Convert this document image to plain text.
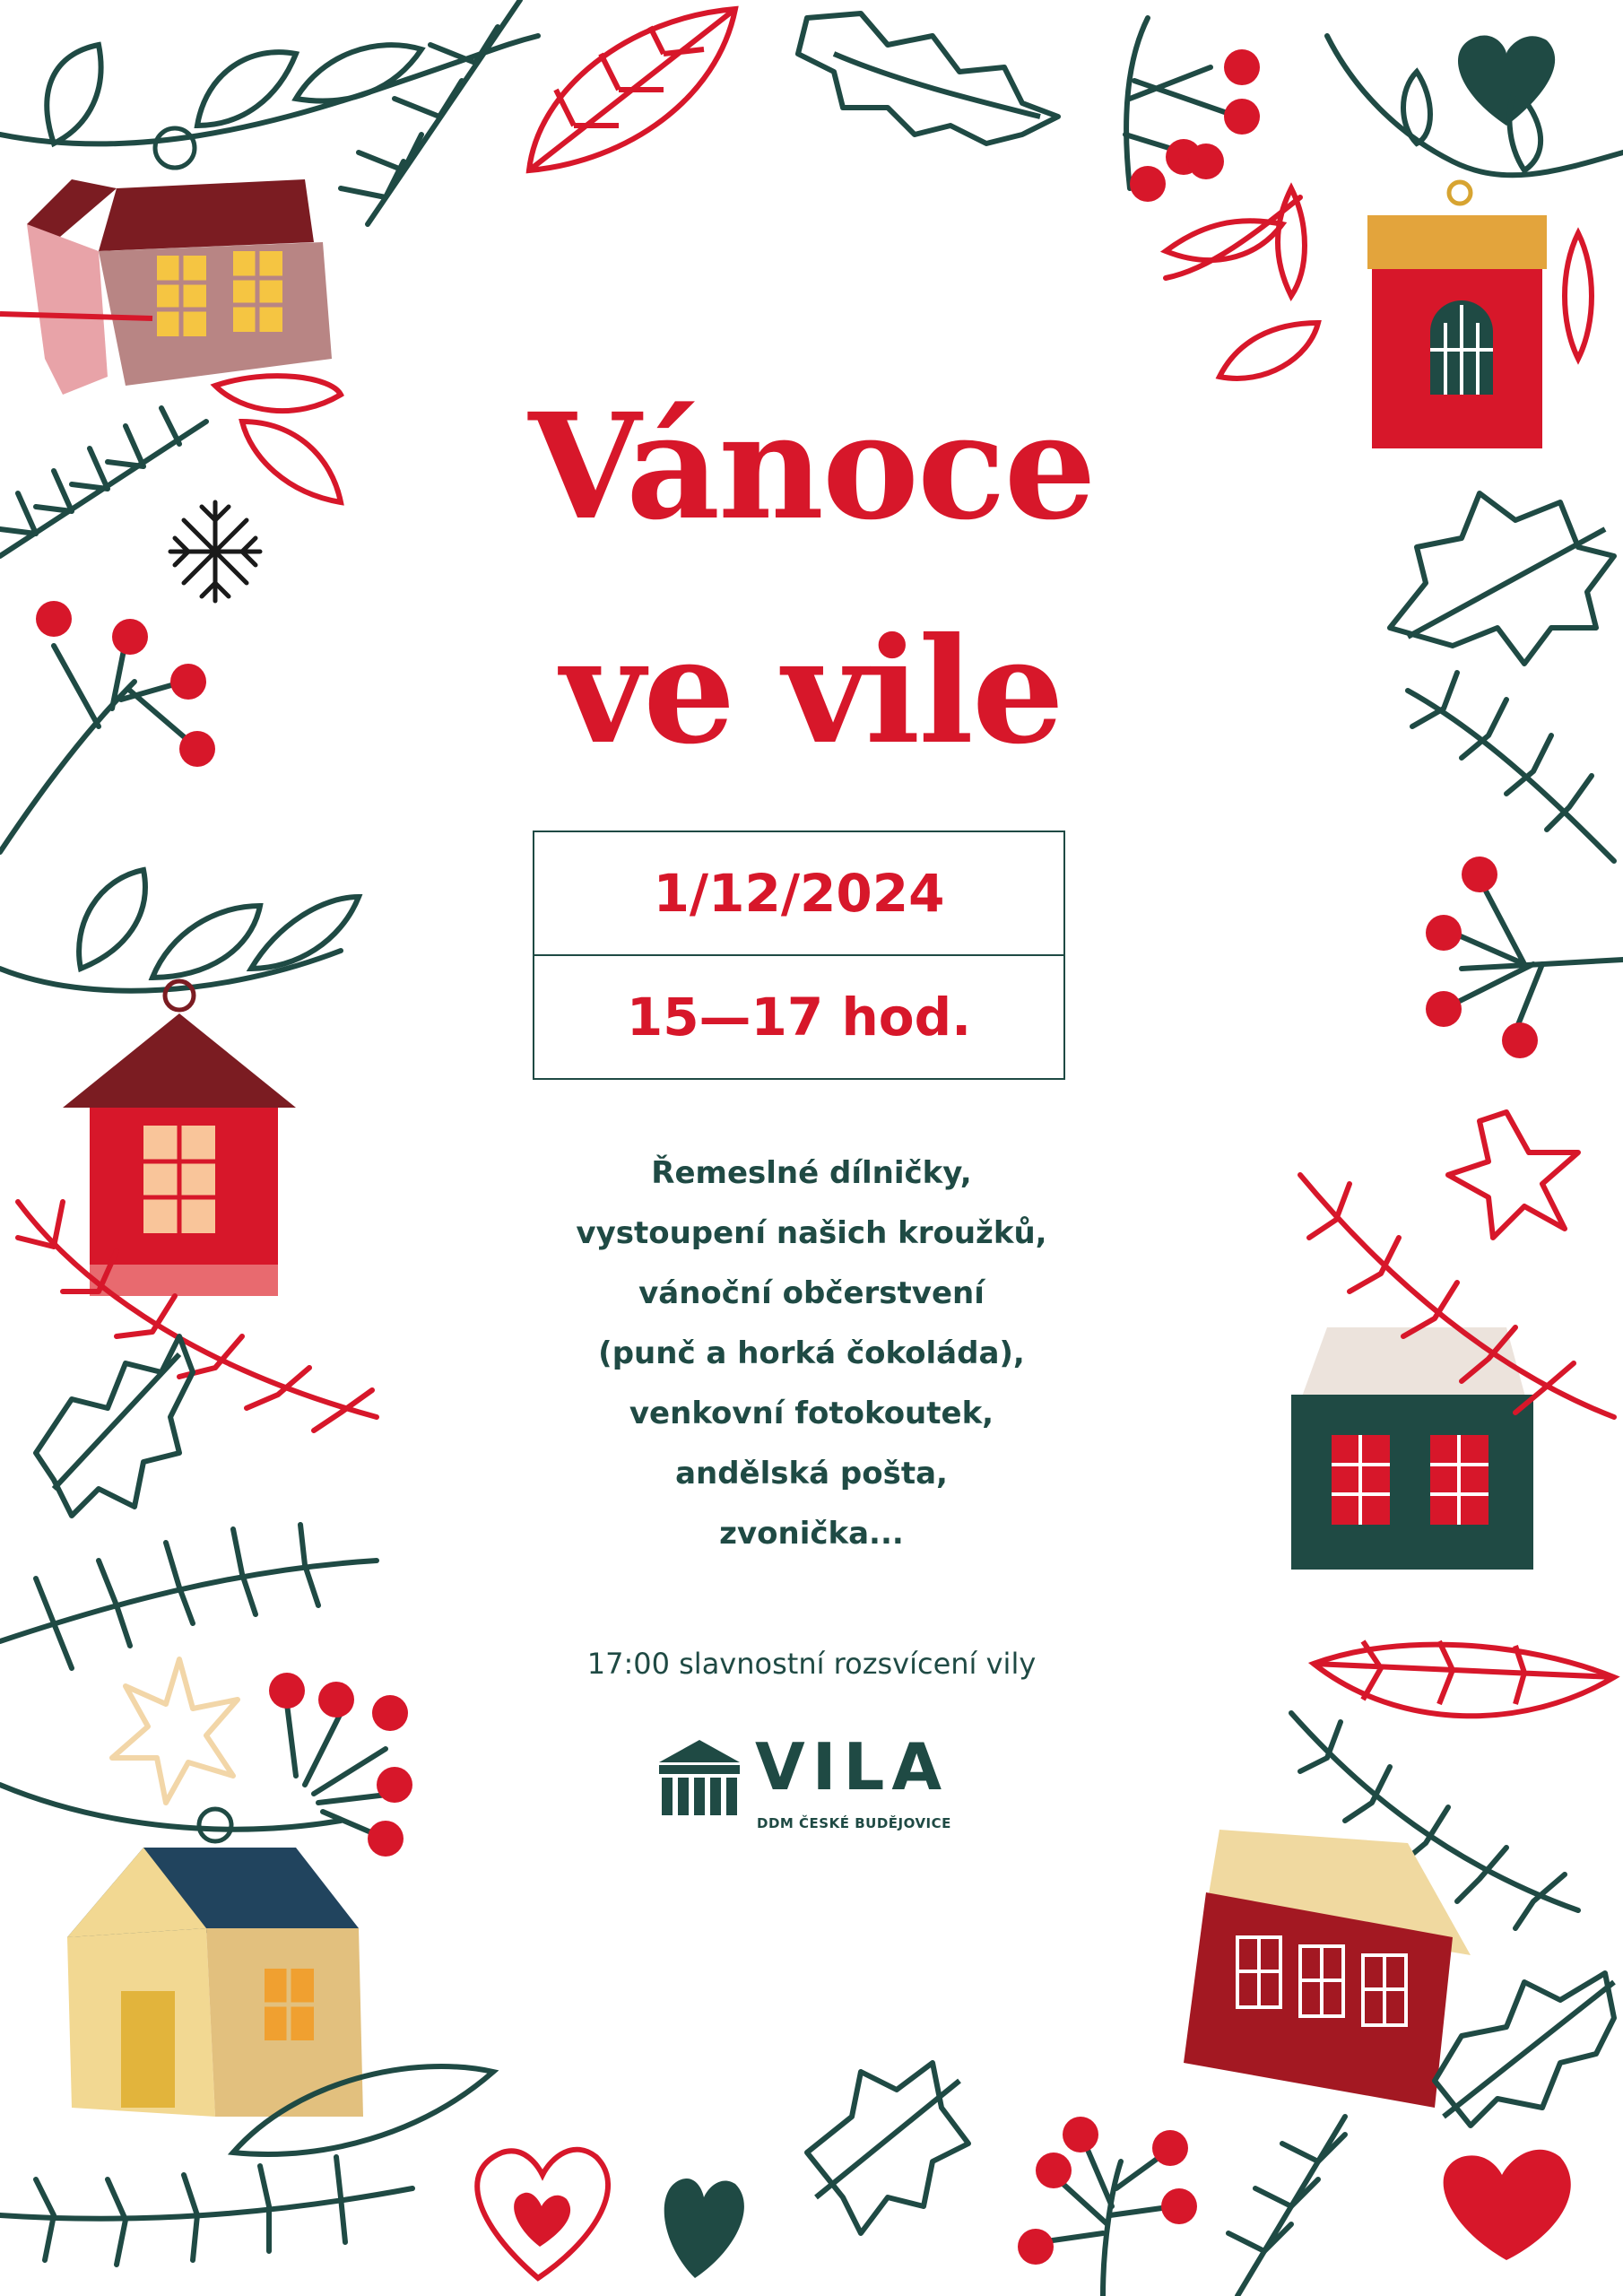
Vánoce
ve vile
1/12/2024
15—17 hod.
Řemeslné dílničky,
vystoupení našich kroužků,
vánoční občerstvení
(punč a horká čokoláda),
venkovní fotokoutek,
andělská pošta,
zvonička...
17:00 slavnostní rozsvícení vily
VILA
DDM ČESKÉ BUDĚJOVICE
